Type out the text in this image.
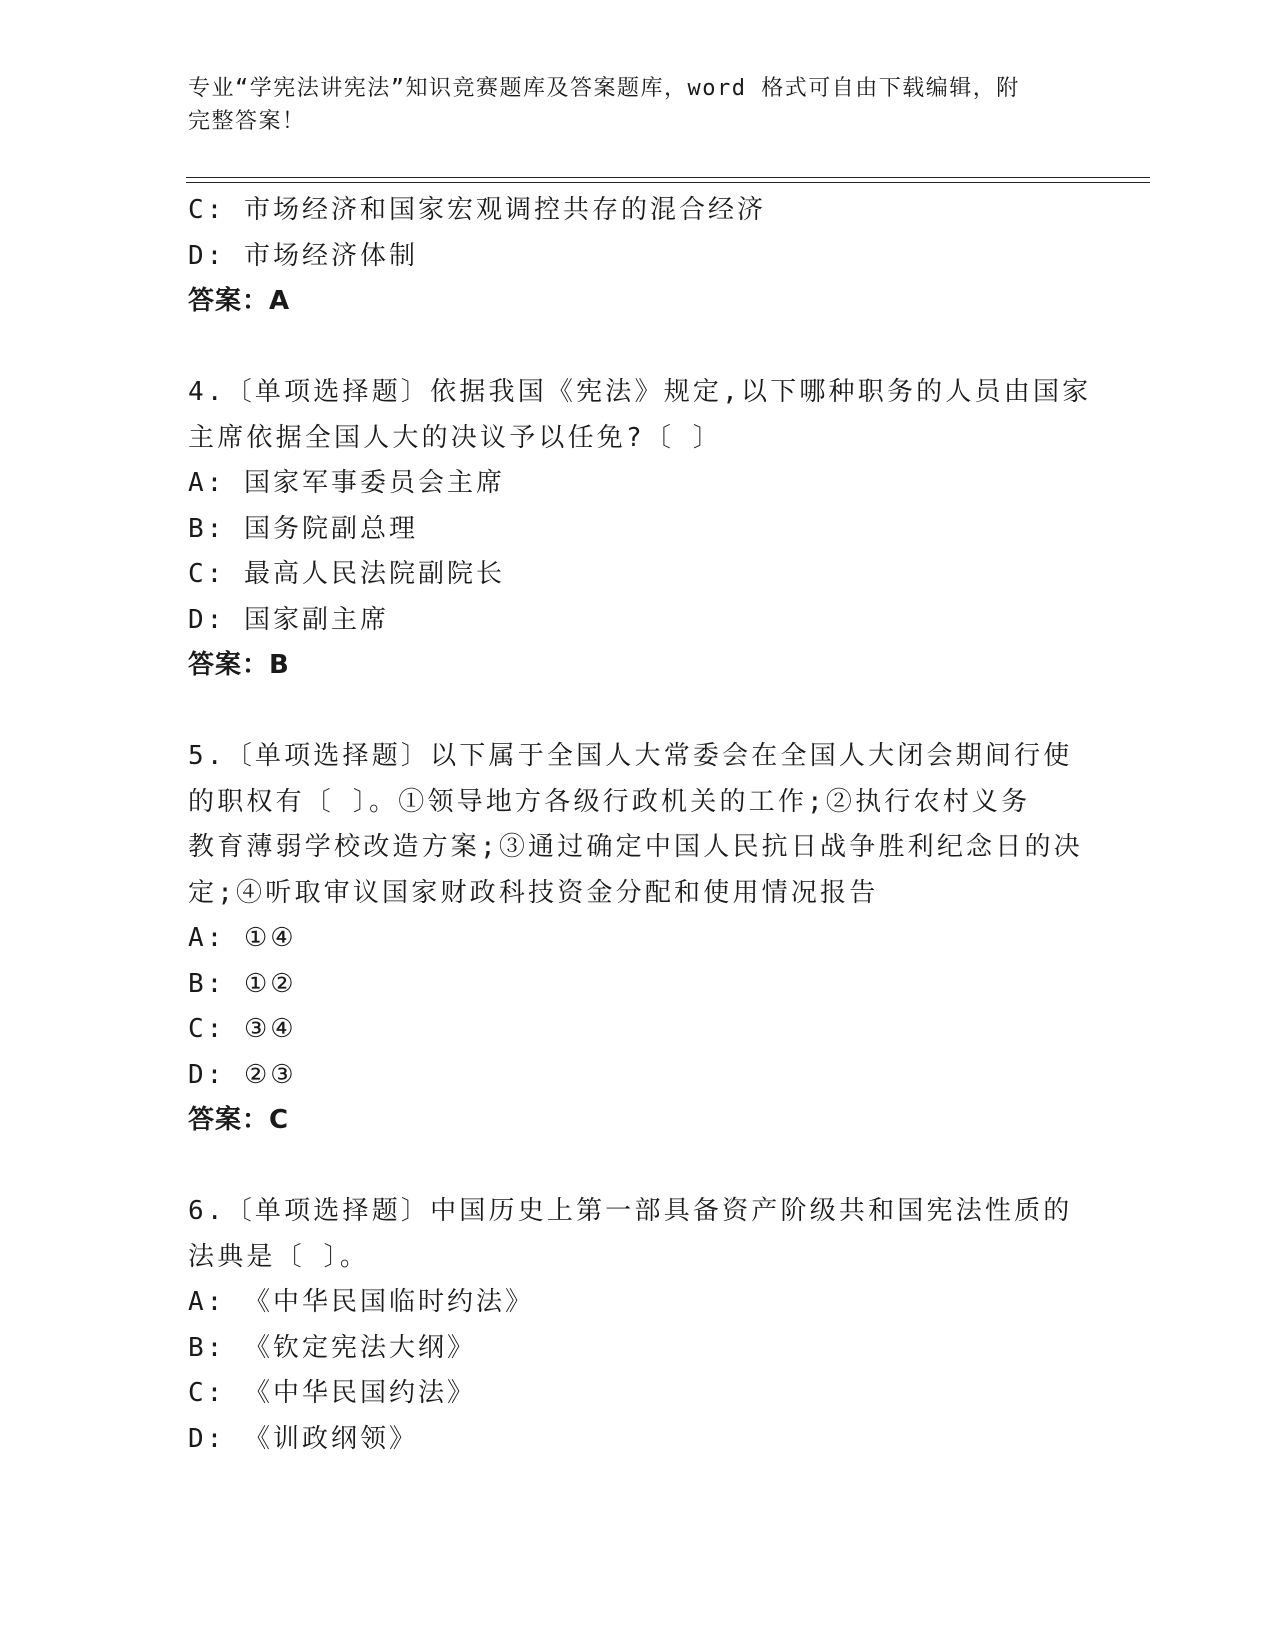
专业“学宪法讲宪法”知识竞赛题库及答案题库，word 格式可自由下载编辑，附
完整答案！
C: 市场经济和国家宏观调控共存的混合经济
D: 市场经济体制
答案：A
4.〔单项选择题〕依据我国《宪法》规定,以下哪种职务的人员由国家
主席依据全国人大的决议予以任免?〔 〕
A: 国家军事委员会主席
B: 国务院副总理
C: 最高人民法院副院长
D: 国家副主席
答案：B
5.〔单项选择题〕以下属于全国人大常委会在全国人大闭会期间行使
的职权有〔 〕。①领导地方各级行政机关的工作;②执行农村义务
教育薄弱学校改造方案;③通过确定中国人民抗日战争胜利纪念日的决
定;④听取审议国家财政科技资金分配和使用情况报告
A: ①④
B: ①②
C: ③④
D: ②③
答案：C
6.〔单项选择题〕中国历史上第一部具备资产阶级共和国宪法性质的
法典是〔 〕。
A: 《中华民国临时约法》
B: 《钦定宪法大纲》
C: 《中华民国约法》
D: 《训政纲领》
